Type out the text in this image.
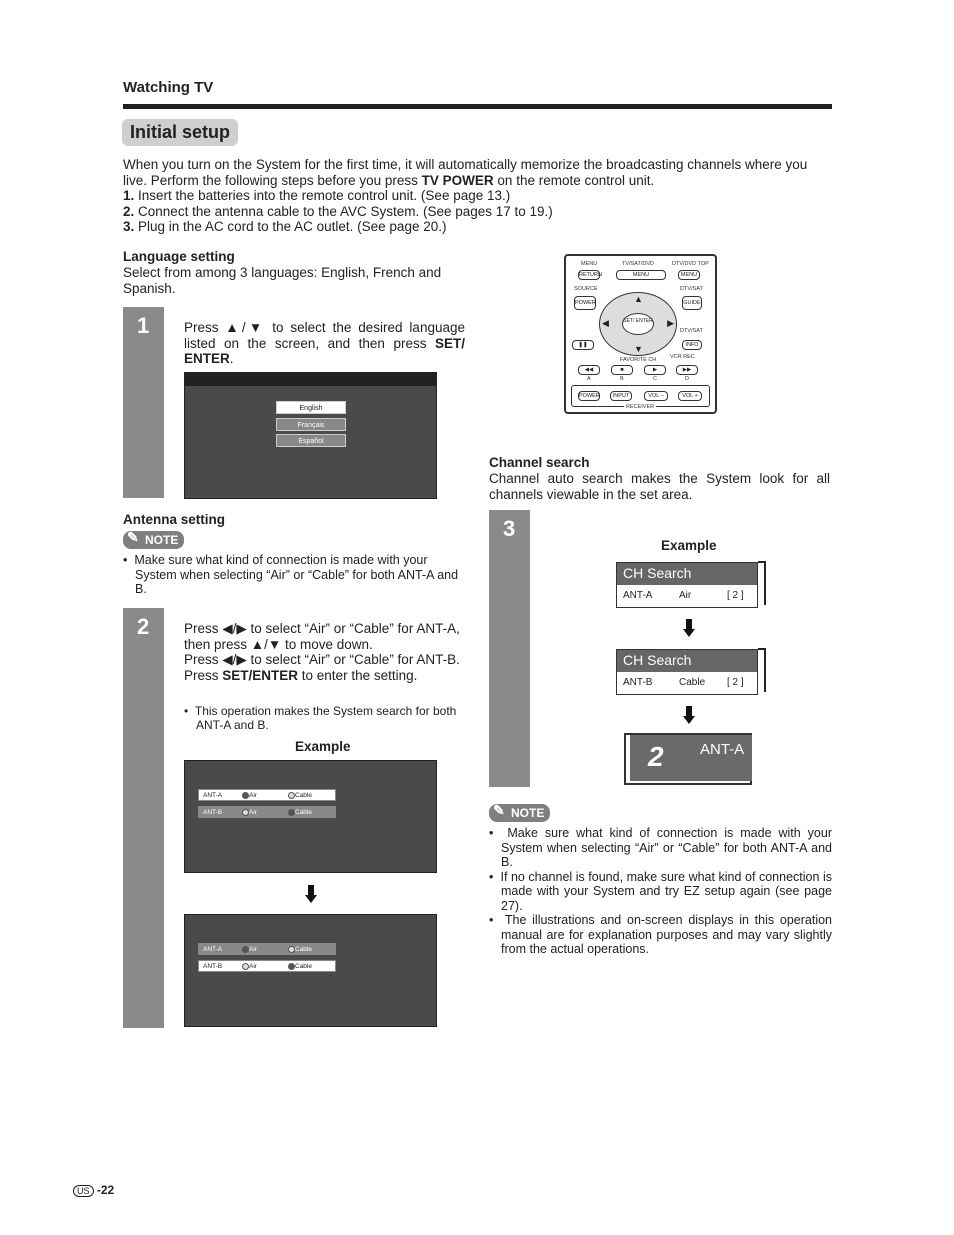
Watching TV
Initial setup
When you turn on the System for the first time, it will automatically memorize the broadcasting channels where you live. Perform the following steps before you press TV POWER on the remote control unit.
1. Insert the batteries into the remote control unit. (See page 13.)
2. Connect the antenna cable to the AVC System. (See pages 17 to 19.)
3. Plug in the AC cord to the AC outlet. (See page 20.)
Language setting
Select from among 3 languages: English, French and Spanish.
1	Press ▲/▼ to select the desired language listed on the screen, and then press SET/ ENTER.
English
Français
Español
Antenna setting
✎ NOTE
•  Make sure what kind of connection is made with your System when selecting “Air” or “Cable” for both ANT-A and B.
2	Press ◀/▶ to select “Air” or “Cable” for ANT-A, then press ▲/▼ to move down.
Press ◀/▶ to select “Air” or “Cable” for ANT-B.
Press SET/ENTER to enter the setting.
•  This operation makes the System search for both ANT-A and B.
Example
ANT-A	Air	Cable
ANT-B	Air	Cable
ANT-A	Air	Cable
ANT-B	Air	Cable
MENU	TV/SAT/DVD	DTV/DVD TOP
RETURN	MENU	MENU
SOURCE	DTV/SAT
POWER	GUIDE
▲
▼
◀	▶
SET/ ENTER
DTV/SAT
❚❚	INFO
FAVORITE CH VCR REC
◀◀	■	▶	▶▶
A	B	C	D
POWER	INPUT	VOL –	VOL +
RECEIVER
Channel search
Channel auto search makes the System look for all channels viewable in the set area.
3
Example
CH Search
ANT-A	Air	[ 2 ]
CH Search
ANT-B	Cable [ 2 ]
2 ANT-A
✎ NOTE
•  Make sure what kind of connection is made with your System when selecting “Air” or “Cable” for both ANT-A and B.
•  If no channel is found, make sure what kind of connection is made with your System and try EZ setup again (see page 27).
•  The illustrations and on-screen displays in this operation manual are for explanation purposes and may vary slightly from the actual operations.
US -22
